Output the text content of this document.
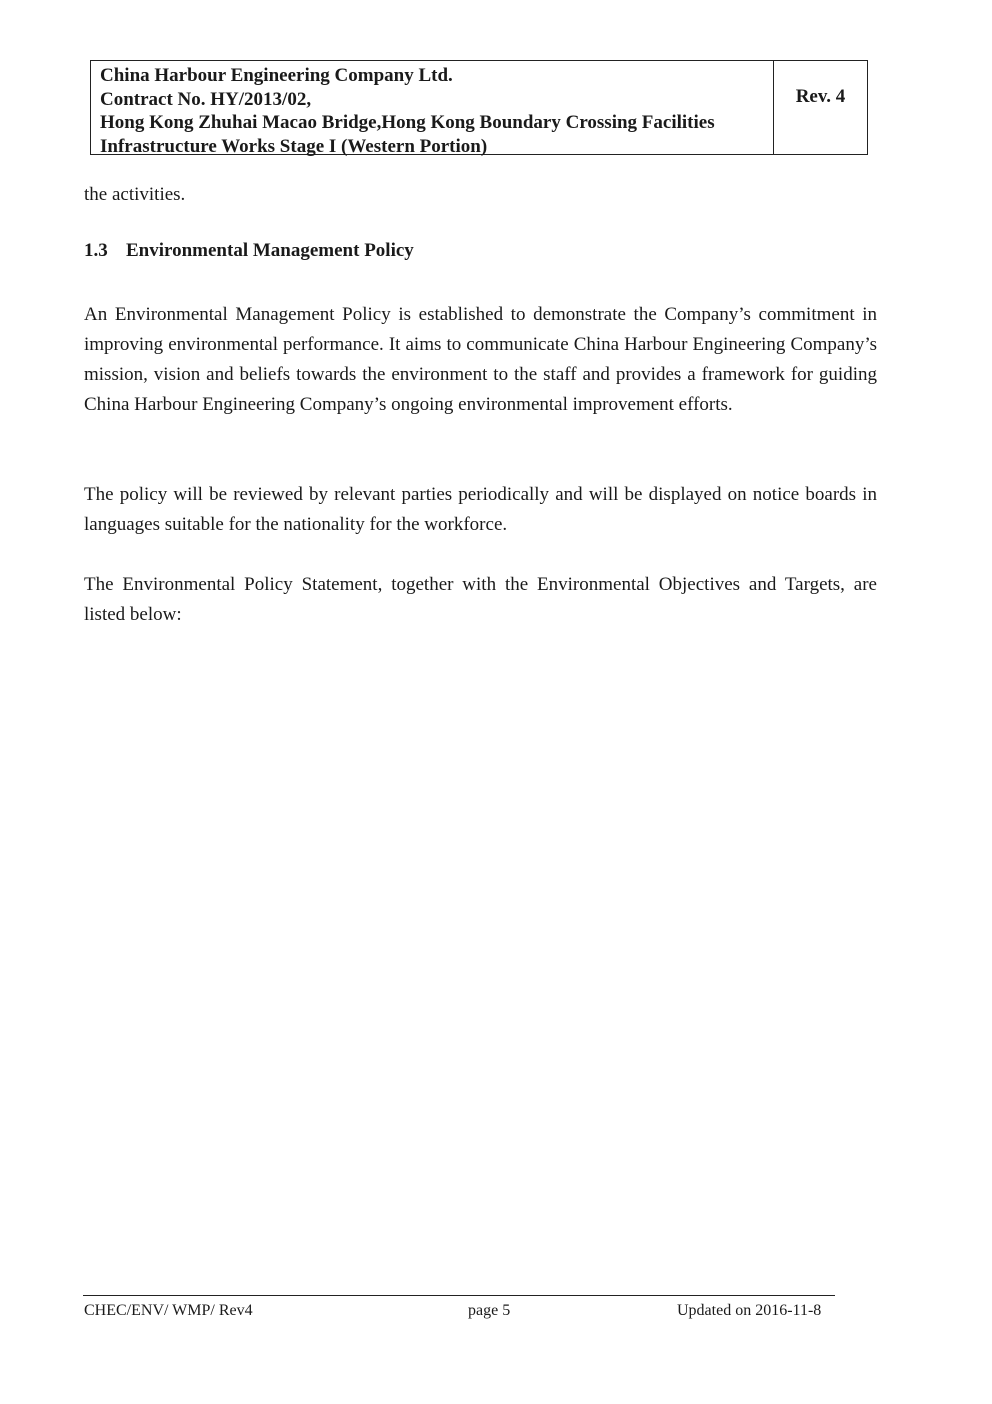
China Harbour Engineering Company Ltd.
Contract No. HY/2013/02,
Hong Kong Zhuhai Macao Bridge,Hong Kong Boundary Crossing Facilities
Infrastructure Works Stage I (Western Portion)
Rev. 4
the activities.
1.3 Environmental Management Policy
An Environmental Management Policy is established to demonstrate the Company’s commitment in improving environmental performance. It aims to communicate China Harbour Engineering Company’s mission, vision and beliefs towards the environment to the staff and provides a framework for guiding China Harbour Engineering Company’s ongoing environmental improvement efforts.
The policy will be reviewed by relevant parties periodically and will be displayed on notice boards in languages suitable for the nationality for the workforce.
The Environmental Policy Statement, together with the Environmental Objectives and Targets, are listed below:
CHEC/ENV/ WMP/ Rev4	page 5	Updated on 2016-11-8
